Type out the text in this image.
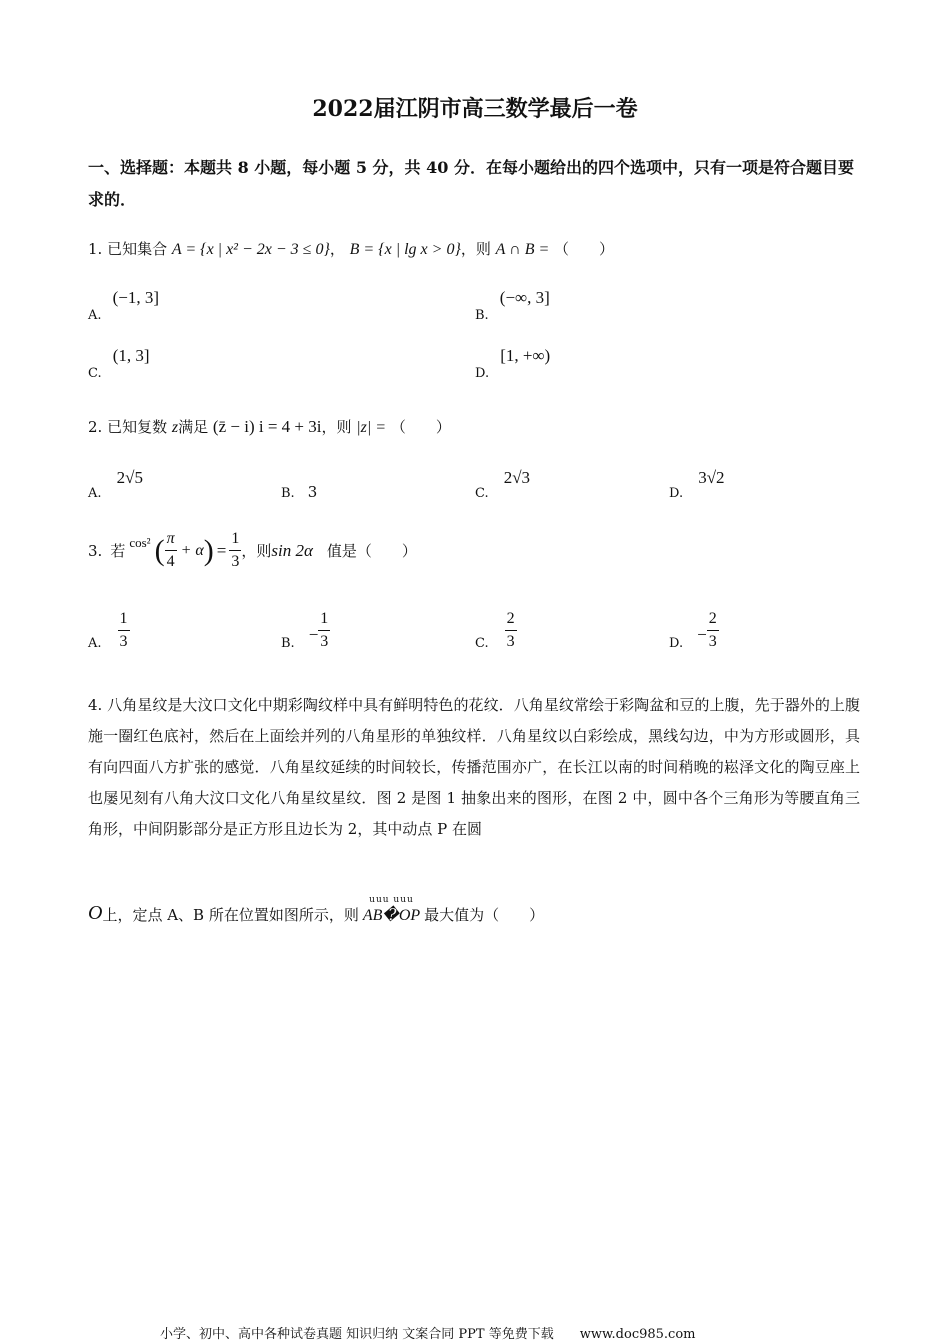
2022届江阴市高三数学最后一卷
一、选择题：本题共 8 小题，每小题 5 分，共 40 分．在每小题给出的四个选项中，只有一项是符合题目要求的．
1. 已知集合 A = {x | x² − 2x − 3 ≤ 0}， B = {x | lg x > 0}，则 A ∩ B = （　　）
$_{A.}$ (−1, 3]
$_{B.}$ (−∞, 3]
$_{C.}$ (1, 3]
$_{D.}$ [1, +∞)
2. 已知复数 z满足 (z̄ − i) i = 4 + 3i，则 |z| = （　　）
$_{A.}$ 2√5
B. 3	$_{C.}$ 2√3
$_{D.}$ 3√2
3. 若 cos² ( $\frac{\pi}{4} + \alpha$ ) = $\frac{1}{3}$ ，则 sin 2α 值是（　　）
A. $\frac{1}{3}$	B. − $\frac{1}{3}$	C. $\frac{2}{3}$	D. − $\frac{2}{3}$
4. 八角星纹是大汶口文化中期彩陶纹样中具有鲜明特色的花纹．八角星纹常绘于彩陶盆和豆的上腹，先于器外的上腹施一圈红色底衬，然后在上面绘并列的八角星形的单独纹样．八角星纹以白彩绘成，黑线勾边，中为方形或圆形，具有向四面八方扩张的感觉．八角星纹延续的时间较长，传播范围亦广，在长江以南的时间稍晚的崧泽文化的陶豆座上也屡见刻有八角大汶口文化八角星纹星纹．图 2 是图 1 抽象出来的图形，在图 2 中，圆中各个三角形为等腰直角三角形，中间阴影部分是正方形且边长为 2，其中动点 P 在圆
O 上，定点 A、B 所在位置如图所示，则
uuu uuu
AB�OP 最大值为（　　）
小学、初中、高中各种试卷真题 知识归纳 文案合同 PPT 等免费下载　　www.doc985.com
